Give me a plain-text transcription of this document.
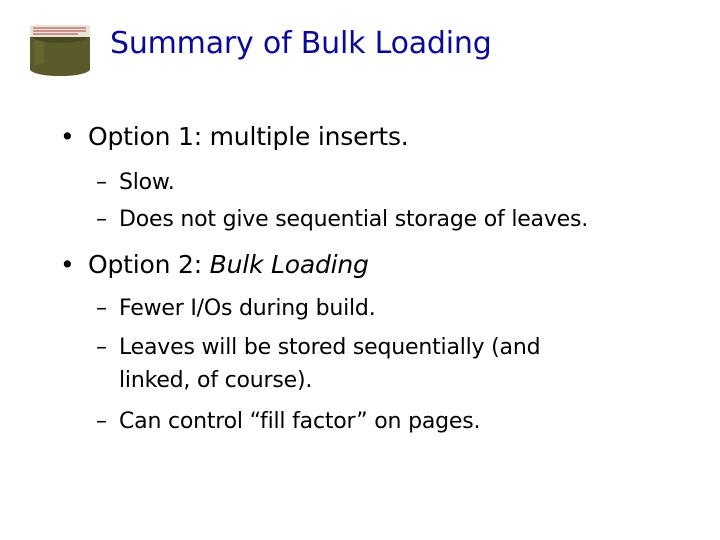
Summary of Bulk Loading
• Option 1: multiple inserts.
– Slow.
– Does not give sequential storage of leaves.
• Option 2: Bulk Loading
– Fewer I/Os during build.
– Leaves will be stored sequentially (and
linked, of course).
– Can control “fill factor” on pages.
